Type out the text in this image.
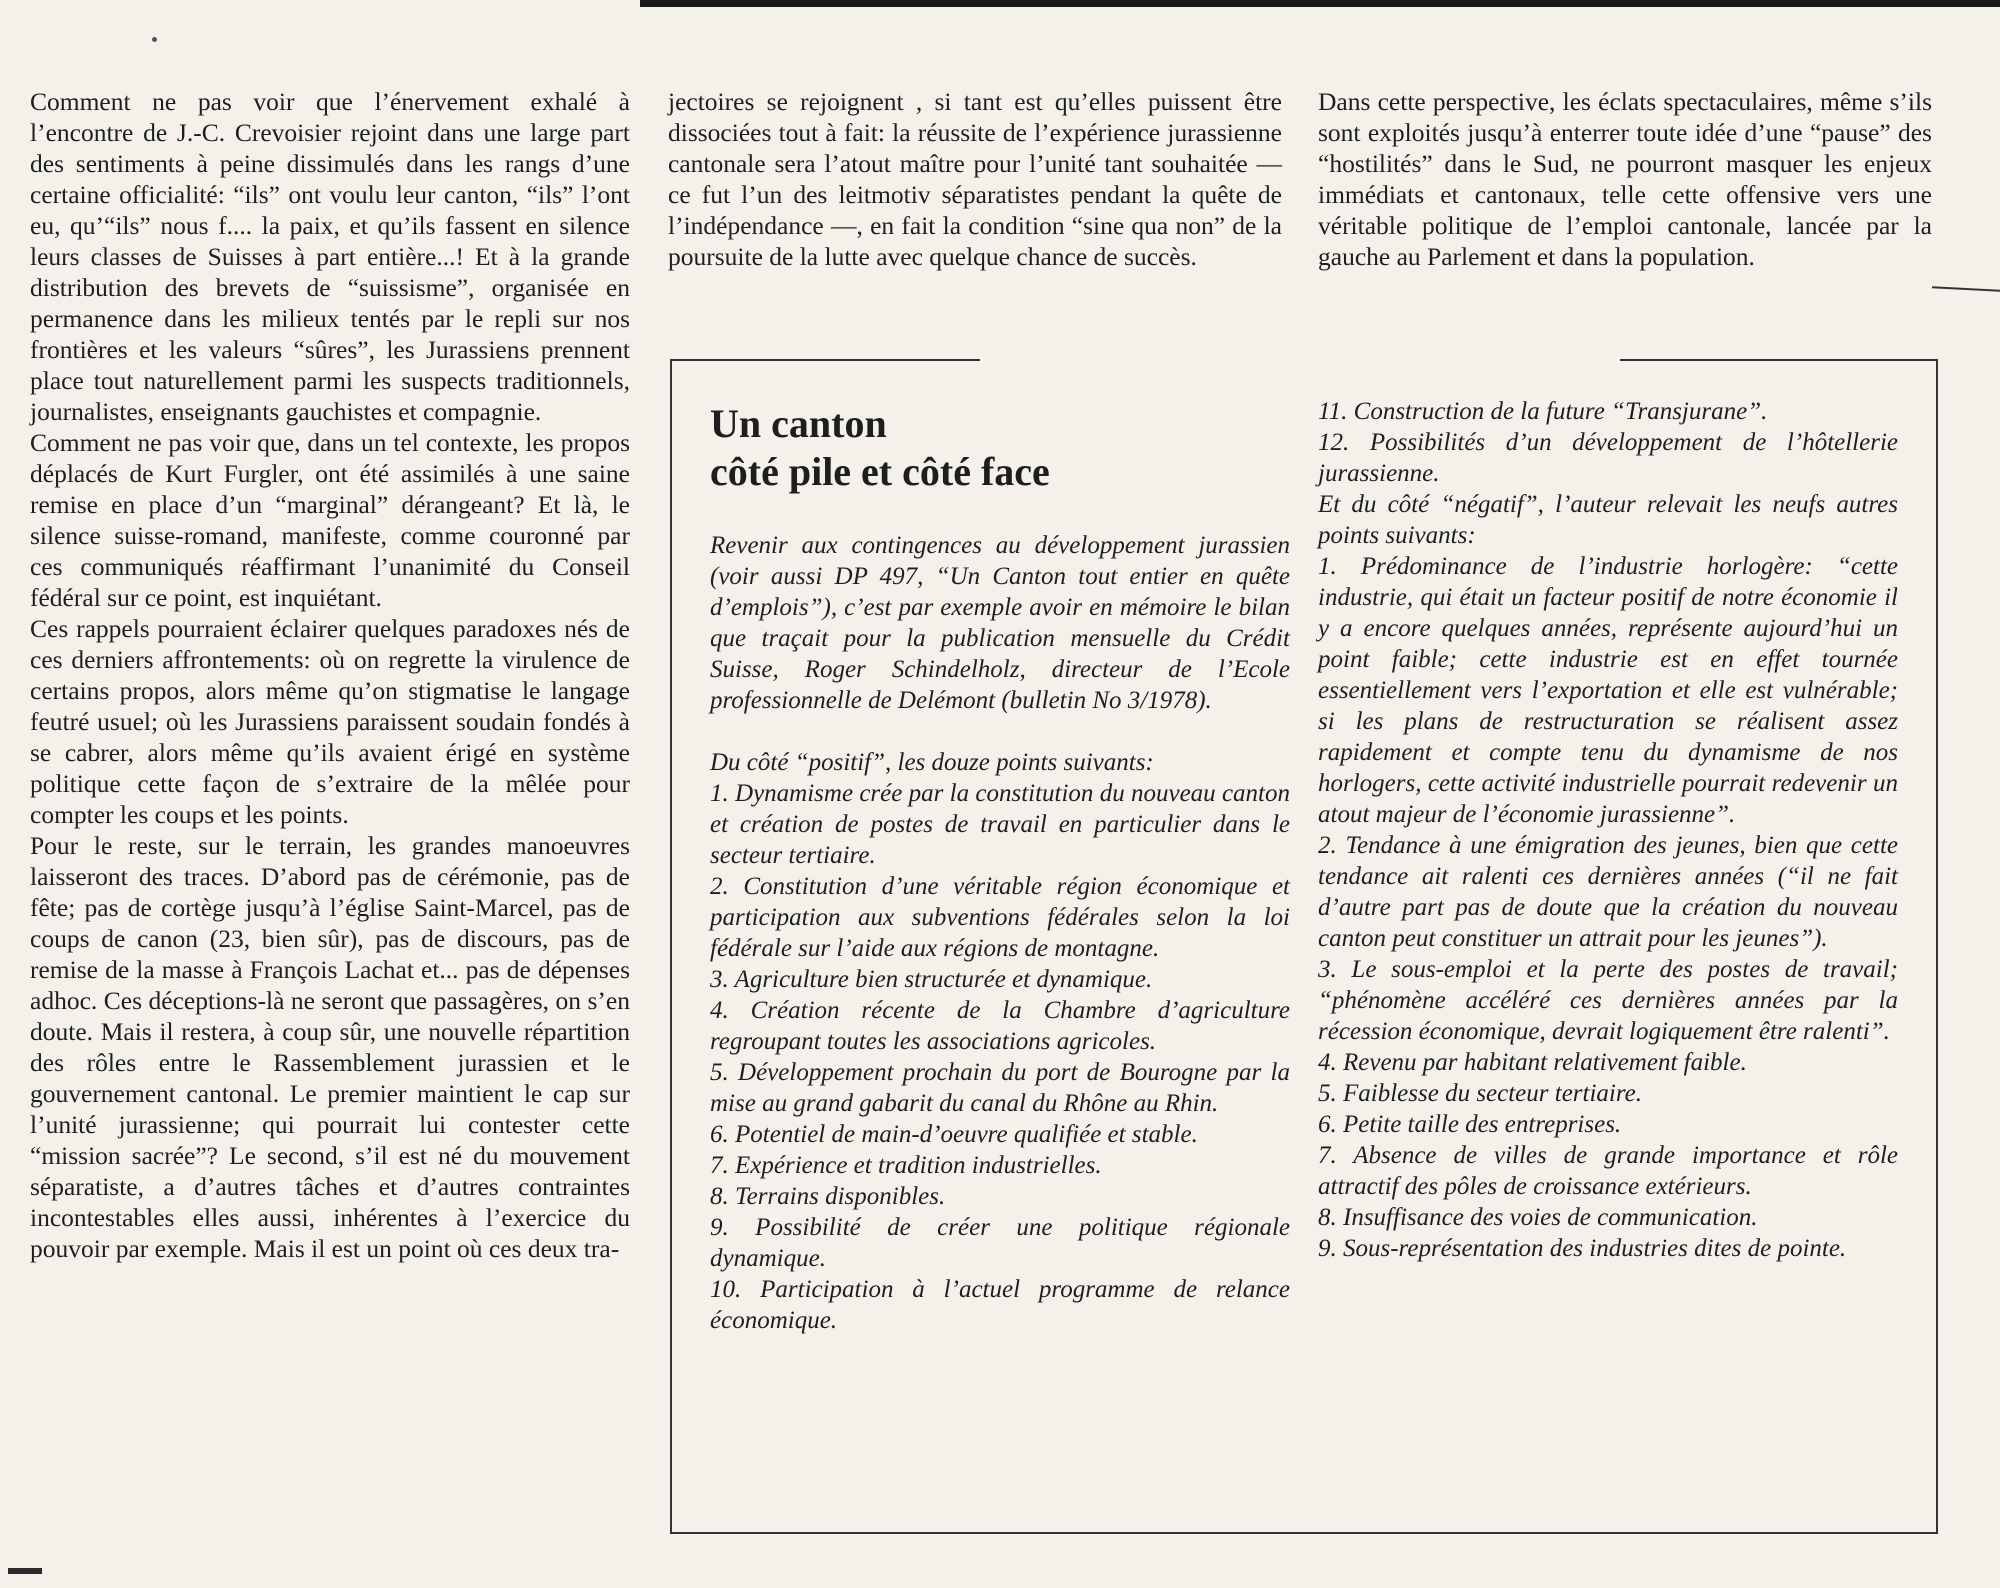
Comment ne pas voir que l’énervement exhalé à l’encontre de J.-C. Crevoisier rejoint dans une large part des sentiments à peine dissimulés dans les rangs d’une certaine officialité: “ils” ont voulu leur canton, “ils” l’ont eu, qu’“ils” nous f.... la paix, et qu’ils fassent en silence leurs classes de Suisses à part entière...! Et à la grande distribution des brevets de “suissisme”, organisée en permanence dans les milieux tentés par le repli sur nos frontières et les valeurs “sûres”, les Jurassiens prennent place tout naturellement parmi les suspects traditionnels, journalistes, enseignants gauchistes et compagnie.

Comment ne pas voir que, dans un tel contexte, les propos déplacés de Kurt Furgler, ont été assimilés à une saine remise en place d’un “marginal” dérangeant? Et là, le silence suisse-romand, manifeste, comme couronné par ces communiqués réaffirmant l’unanimité du Conseil fédéral sur ce point, est inquiétant.

Ces rappels pourraient éclairer quelques paradoxes nés de ces derniers affrontements: où on regrette la virulence de certains propos, alors même qu’on stigmatise le langage feutré usuel; où les Jurassiens paraissent soudain fondés à se cabrer, alors même qu’ils avaient érigé en système politique cette façon de s’extraire de la mêlée pour compter les coups et les points.

Pour le reste, sur le terrain, les grandes manoeuvres laisseront des traces. D’abord pas de cérémonie, pas de fête; pas de cortège jusqu’à l’église Saint-Marcel, pas de coups de canon (23, bien sûr), pas de discours, pas de remise de la masse à François Lachat et... pas de dépenses adhoc. Ces déceptions-là ne seront que passagères, on s’en doute. Mais il restera, à coup sûr, une nouvelle répartition des rôles entre le Rassemblement jurassien et le gouvernement cantonal. Le premier maintient le cap sur l’unité jurassienne; qui pourrait lui contester cette “mission sacrée”? Le second, s’il est né du mouvement séparatiste, a d’autres tâches et d’autres contraintes incontestables elles aussi, inhérentes à l’exercice du pouvoir par exemple. Mais il est un point où ces deux tra-

jectoires se rejoignent , si tant est qu’elles puissent être dissociées tout à fait: la réussite de l’expérience jurassienne cantonale sera l’atout maître pour l’unité tant souhaitée — ce fut l’un des leitmotiv séparatistes pendant la quête de l’indépendance —, en fait la condition “sine qua non” de la poursuite de la lutte avec quelque chance de succès.

Dans cette perspective, les éclats spectaculaires, même s’ils sont exploités jusqu’à enterrer toute idée d’une “pause” des “hostilités” dans le Sud, ne pourront masquer les enjeux immédiats et cantonaux, telle cette offensive vers une véritable politique de l’emploi cantonale, lancée par la gauche au Parlement et dans la population.

Un canton
côté pile et côté face

Revenir aux contingences au développement jurassien (voir aussi DP 497, “Un Canton tout entier en quête d’emplois”), c’est par exemple avoir en mémoire le bilan que traçait pour la publication mensuelle du Crédit Suisse, Roger Schindelholz, directeur de l’Ecole professionnelle de Delémont (bulletin No 3/1978).

Du côté “positif”, les douze points suivants:

1. Dynamisme crée par la constitution du nouveau canton et création de postes de travail en particulier dans le secteur tertiaire.

2. Constitution d’une véritable région économique et participation aux subventions fédérales selon la loi fédérale sur l’aide aux régions de montagne.

3. Agriculture bien structurée et dynamique.

4. Création récente de la Chambre d’agriculture regroupant toutes les associations agricoles.

5. Développement prochain du port de Bourogne par la mise au grand gabarit du canal du Rhône au Rhin.

6. Potentiel de main-d’oeuvre qualifiée et stable.

7. Expérience et tradition industrielles.

8. Terrains disponibles.

9. Possibilité de créer une politique régionale dynamique.

10. Participation à l’actuel programme de relance économique.

11. Construction de la future “Transjurane”.

12. Possibilités d’un développement de l’hôtellerie jurassienne.

Et du côté “négatif”, l’auteur relevait les neufs autres points suivants:

1. Prédominance de l’industrie horlogère: “cette industrie, qui était un facteur positif de notre économie il y a encore quelques années, représente aujourd’hui un point faible; cette industrie est en effet tournée essentiellement vers l’exportation et elle est vulnérable; si les plans de restructuration se réalisent assez rapidement et compte tenu du dynamisme de nos horlogers, cette activité industrielle pourrait redevenir un atout majeur de l’économie jurassienne”.

2. Tendance à une émigration des jeunes, bien que cette tendance ait ralenti ces dernières années (“il ne fait d’autre part pas de doute que la création du nouveau canton peut constituer un attrait pour les jeunes”).

3. Le sous-emploi et la perte des postes de travail; “phénomène accéléré ces dernières années par la récession économique, devrait logiquement être ralenti”.

4. Revenu par habitant relativement faible.

5. Faiblesse du secteur tertiaire.

6. Petite taille des entreprises.

7. Absence de villes de grande importance et rôle attractif des pôles de croissance extérieurs.

8. Insuffisance des voies de communication.

9. Sous-représentation des industries dites de pointe.
